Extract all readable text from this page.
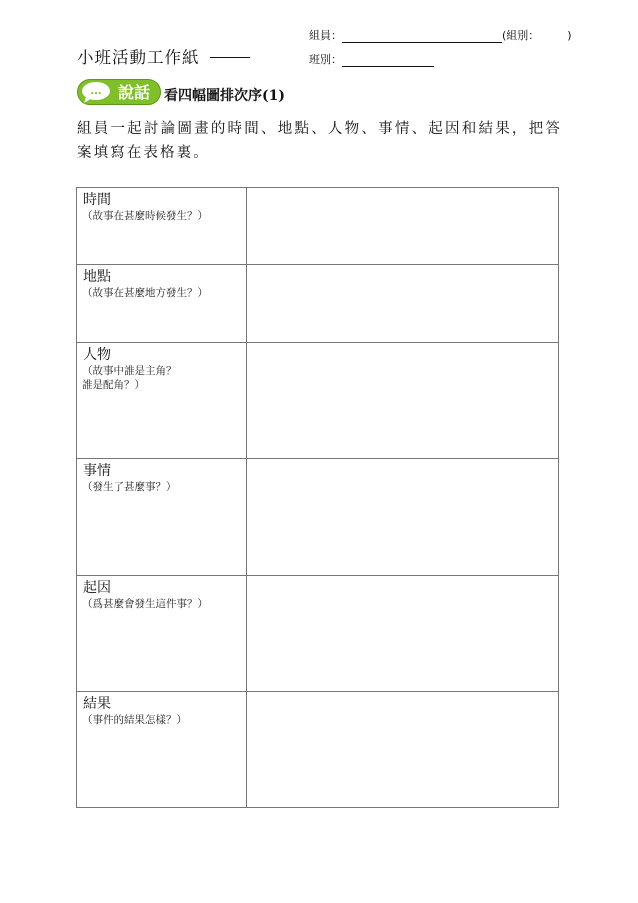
小班活動工作紙
組員：	(組別：	)
班別：
... 說話 看四幅圖排次序(1)
組員一起討論圖畫的時間、地點、人物、事情、起因和結果，把答案填寫在表格裏。
時間
（故事在甚麼時候發生？）	

地點
（故事在甚麼地方發生？）	

人物
（故事中誰是主角？
誰是配角？）	

事情
（發生了甚麼事？）	

起因
（爲甚麼會發生這件事？）	

結果
（事件的結果怎樣？）	
